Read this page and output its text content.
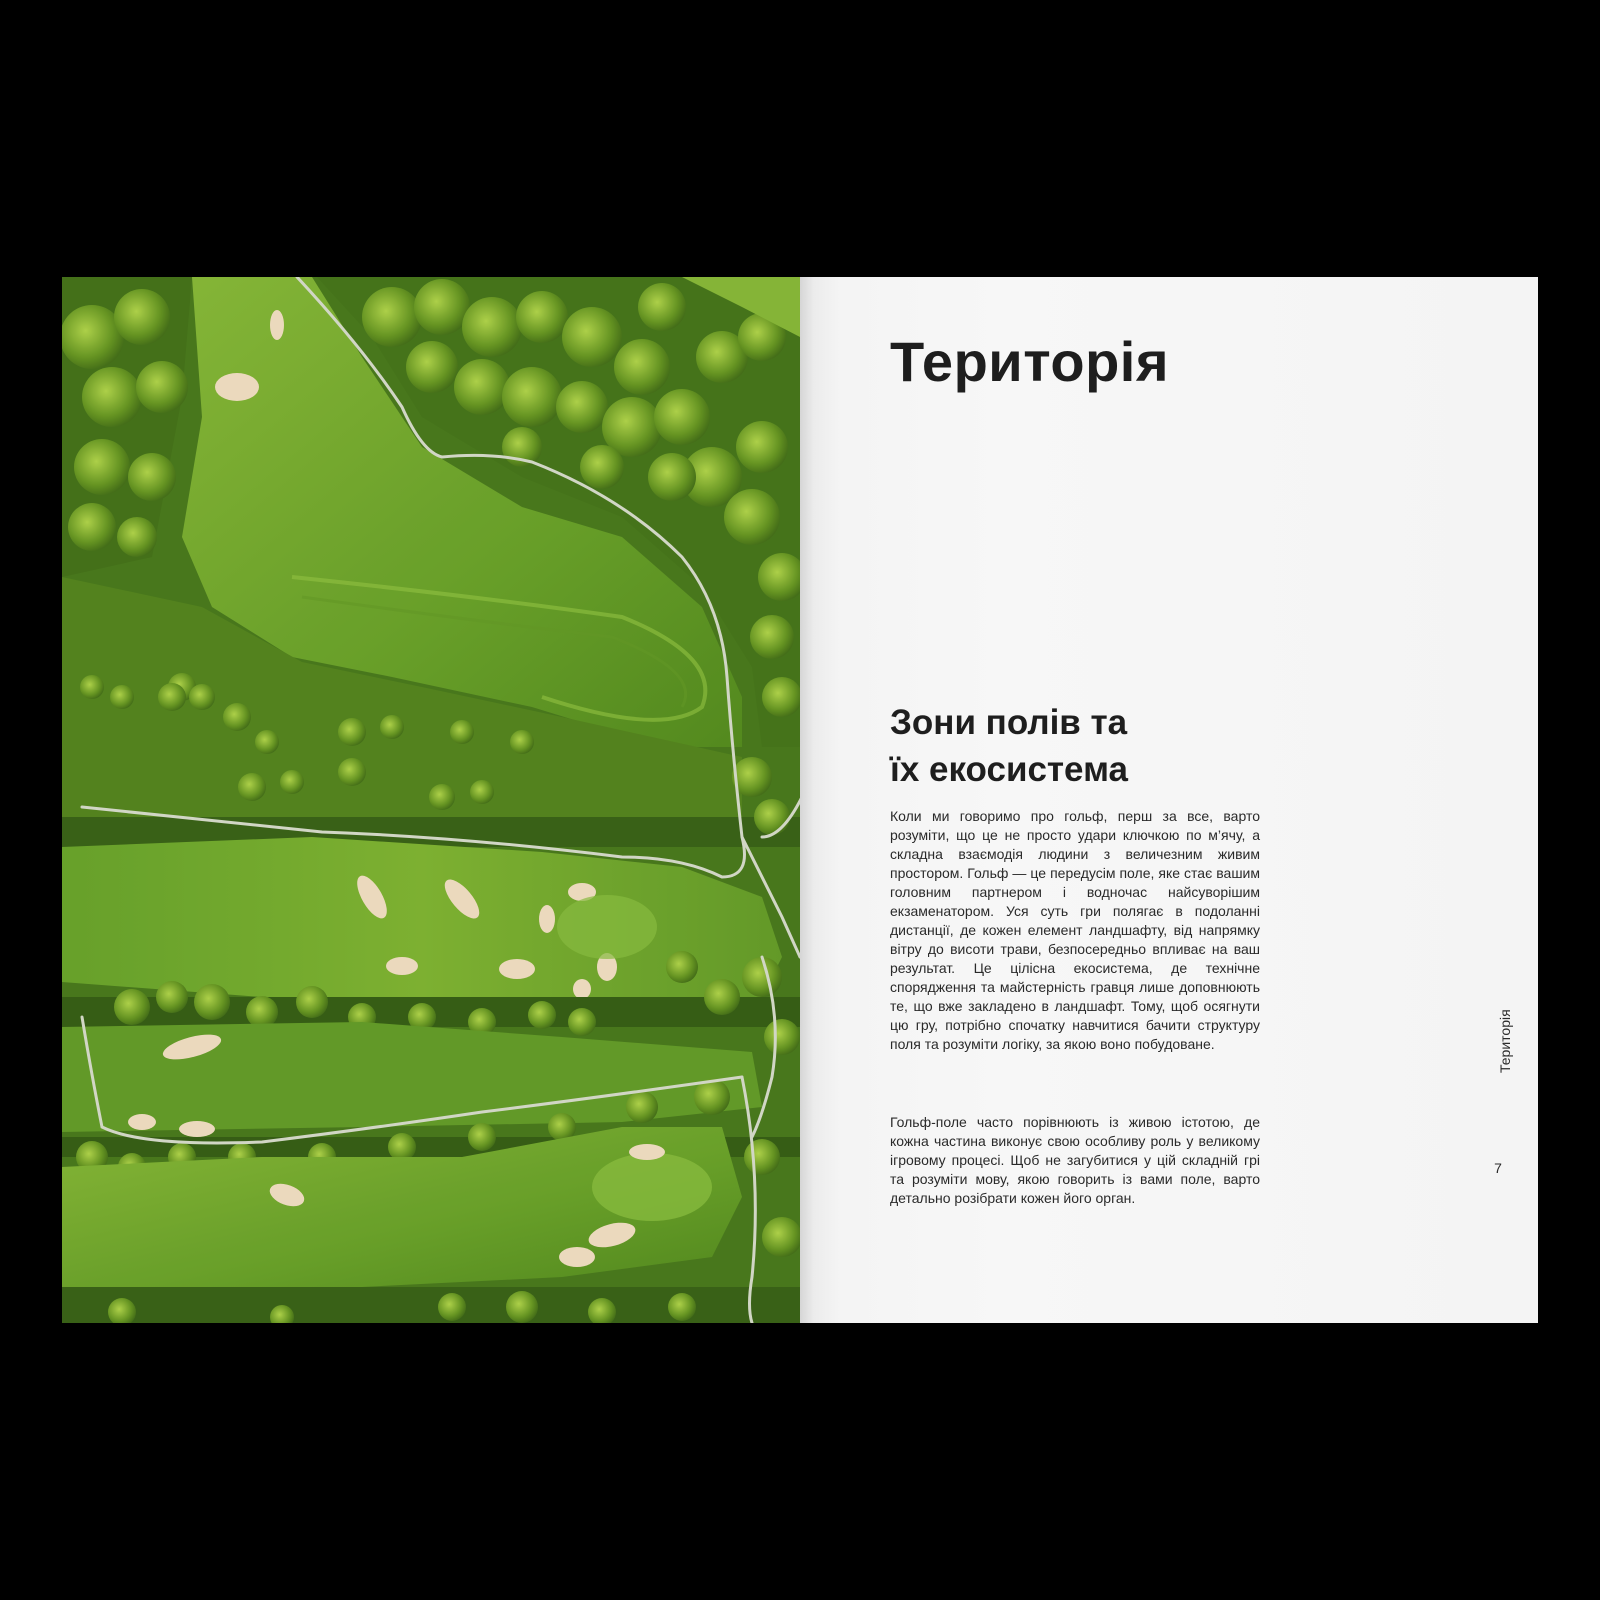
Територія
Зони полів та
їх екосистема

Коли ми говоримо про гольф, перш за все, варто розуміти, що це не просто удари ключкою по м’ячу, а складна взаємодія людини з величезним живим простором. Гольф — це передусім поле, яке стає вашим головним партнером і водночас найсуворішим екзаменатором. Уся суть гри полягає в подоланні дистанції, де кожен елемент ландшафту, від напрямку вітру до висоти трави, безпосередньо впливає на ваш результат. Це цілісна екосистема, де технічне спорядження та майстерність гравця лише доповнюють те, що вже закладено в ландшафт. Тому, щоб осягнути цю гру, потрібно спочатку навчитися бачити структуру поля та розуміти логіку, за якою воно побудоване.

Гольф-поле часто порівнюють із живою істотою, де кожна частина виконує свою особливу роль у великому ігровому процесі. Щоб не загубитися у цій складній грі та розуміти мову, якою говорить із вами поле, варто детально розібрати кожен його орган.

Територія
7
